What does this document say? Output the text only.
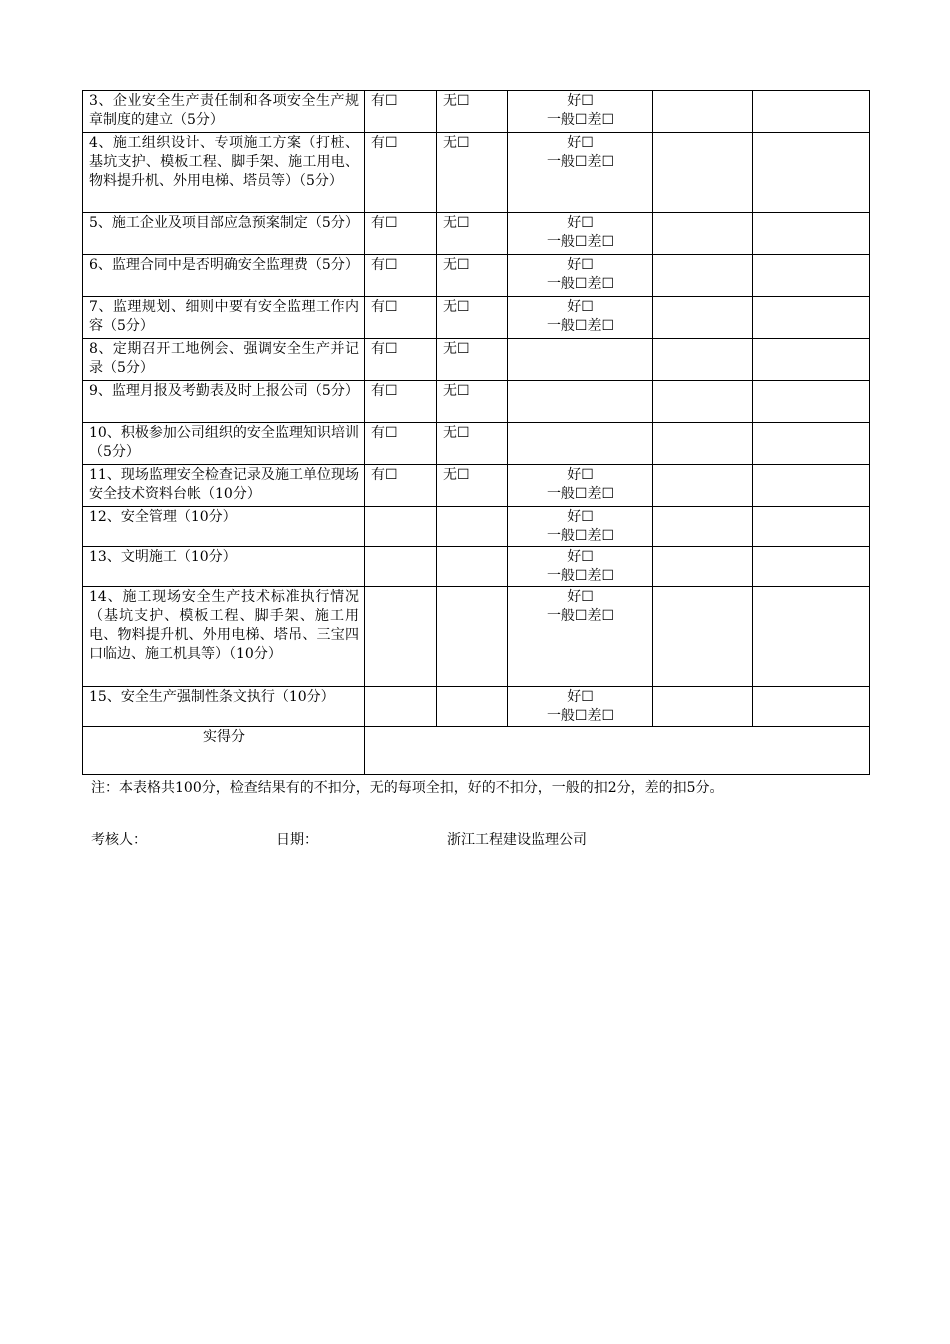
3、企业安全生产责任制和各项安全生产规章制度的建立（5分）	有☐	无☐	好☐
一般☐差☐		

4、施工组织设计、专项施工方案（打桩、基坑支护、模板工程、脚手架、施工用电、物料提升机、外用电梯、塔员等）（5分）	有☐	无☐	好☐
一般☐差☐		

5、施工企业及项目部应急预案制定（5分）	有☐	无☐	好☐
一般☐差☐		

6、监理合同中是否明确安全监理费（5分）	有☐	无☐	好☐
一般☐差☐		

7、监理规划、细则中要有安全监理工作内容（5分）	有☐	无☐	好☐
一般☐差☐		

8、定期召开工地例会、强调安全生产并记录（5分）	有☐	无☐	

9、监理月报及考勤表及时上报公司（5分）	有☐	无☐	

10、积极参加公司组织的安全监理知识培训（5分）	有☐	无☐	

11、现场监理安全检查记录及施工单位现场安全技术资料台帐（10分）	有☐	无☐	好☐
一般☐差☐		

12、安全管理（10分）			好☐
一般☐差☐		

13、文明施工（10分）			好☐
一般☐差☐		

14、施工现场安全生产技术标准执行情况（基坑支护、模板工程、脚手架、施工用电、物料提升机、外用电梯、塔吊、三宝四口临边、施工机具等）（10分）			好☐
一般☐差☐		

15、安全生产强制性条文执行（10分）			好☐
一般☐差☐		

实得分					
注：本表格共100分，检查结果有的不扣分，无的每项全扣，好的不扣分，一般的扣2分，差的扣5分。
考核人：	日期：	浙江工程建设监理公司
